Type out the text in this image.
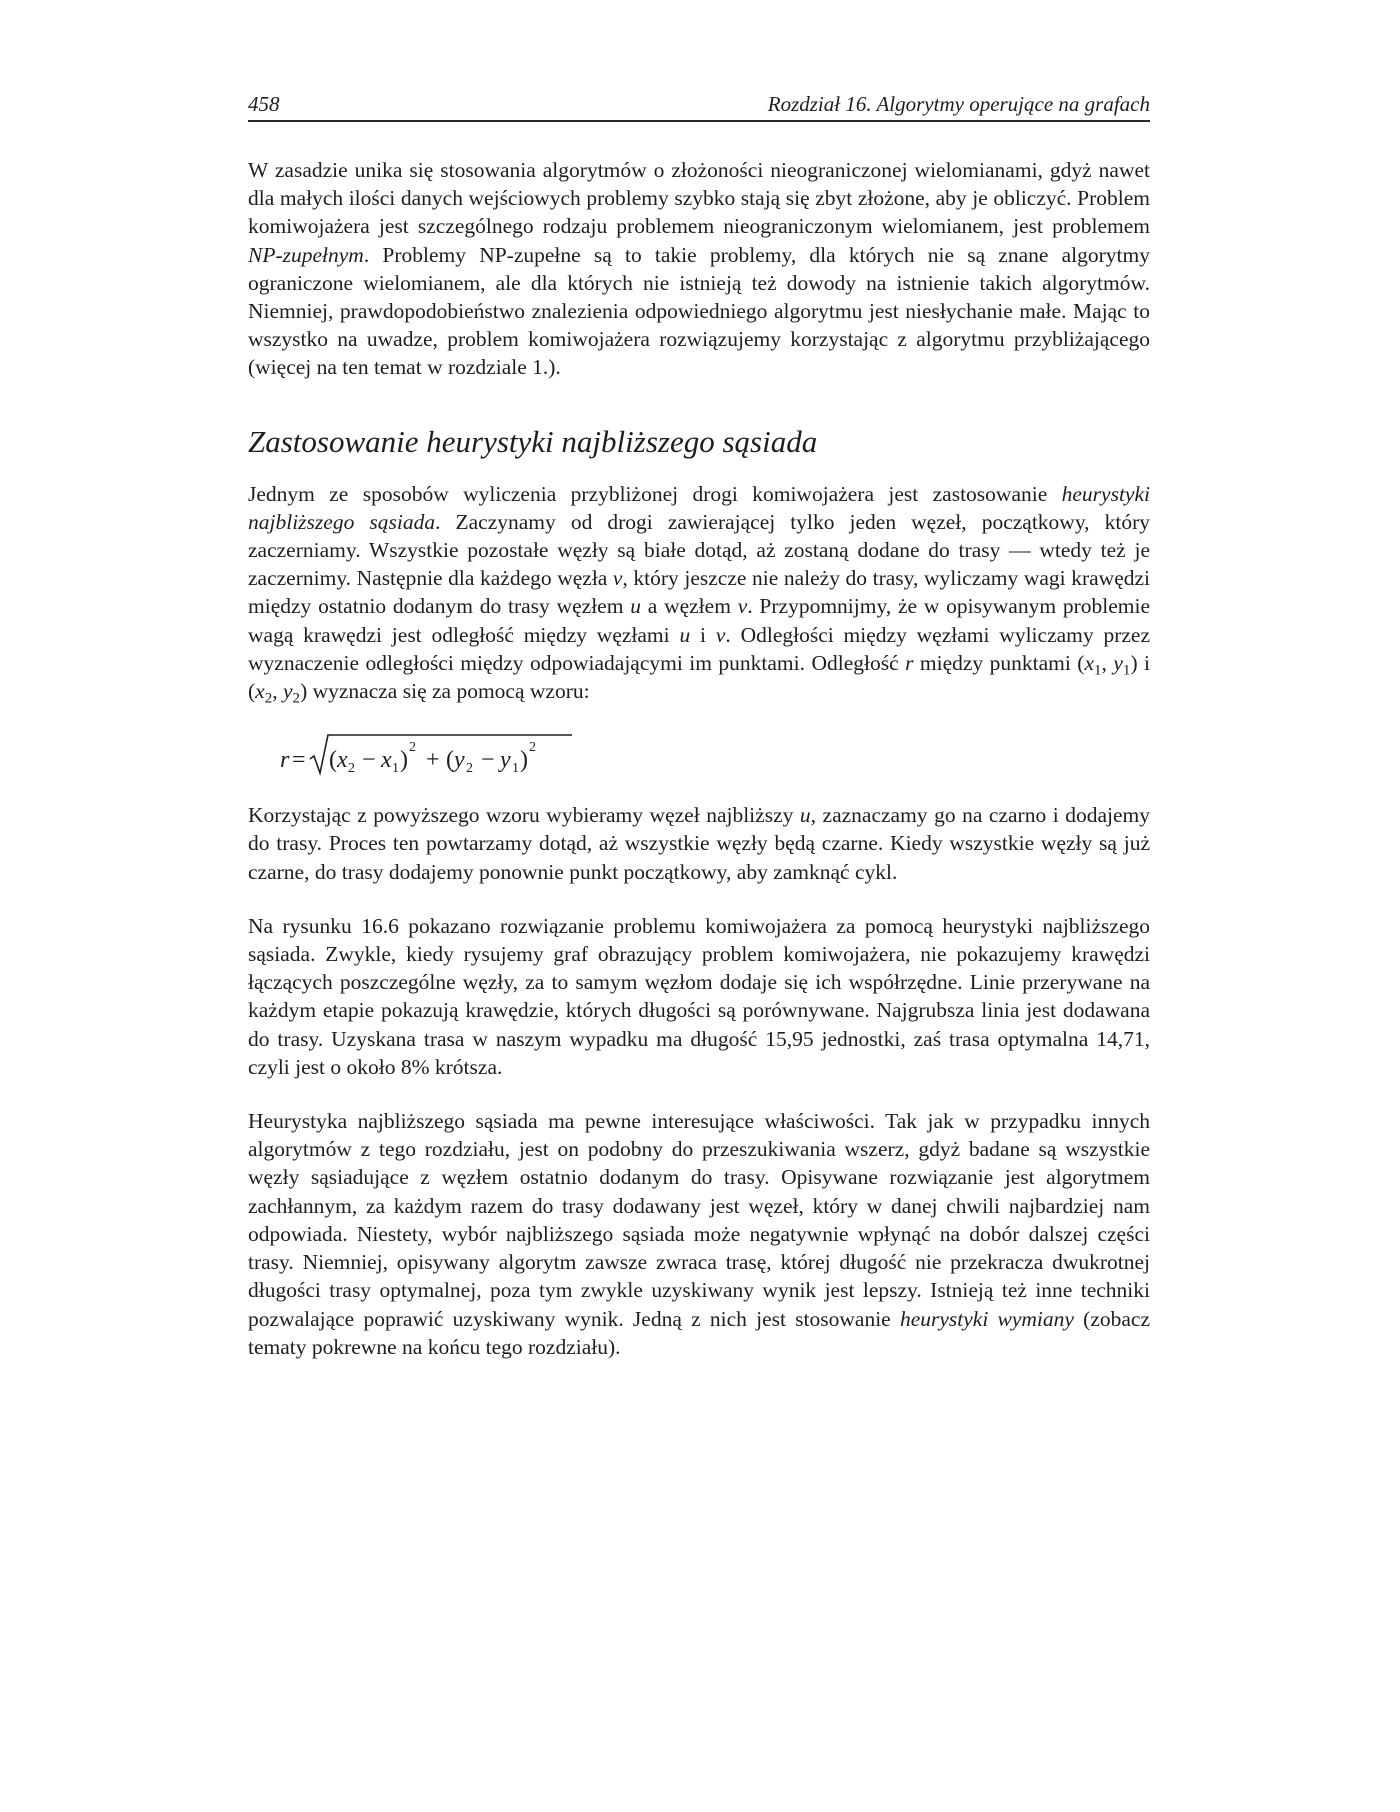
458	Rozdział 16. Algorytmy operujące na grafach

W zasadzie unika się stosowania algorytmów o złożoności nieograniczonej wielomianami, gdyż nawet dla małych ilości danych wejściowych problemy szybko stają się zbyt złożone, aby je obliczyć. Problem komiwojażera jest szczególnego rodzaju problemem nieograniczonym wielomianem, jest problemem NP-zupełnym. Problemy NP-zupełne są to takie problemy, dla których nie są znane algorytmy ograniczone wielomianem, ale dla których nie istnieją też dowody na istnienie takich algorytmów. Niemniej, prawdopodobieństwo znalezienia odpowiedniego algorytmu jest niesłychanie małe. Mając to wszystko na uwadze, problem komiwojażera rozwiązujemy korzystając z algorytmu przybliżającego (więcej na ten temat w rozdziale 1.).

Zastosowanie heurystyki najbliższego sąsiada

Jednym ze sposobów wyliczenia przybliżonej drogi komiwojażera jest zastosowanie heurystyki najbliższego sąsiada. Zaczynamy od drogi zawierającej tylko jeden węzeł, początkowy, który zaczerniamy. Wszystkie pozostałe węzły są białe dotąd, aż zostaną dodane do trasy — wtedy też je zaczernimy. Następnie dla każdego węzła v, który jeszcze nie należy do trasy, wyliczamy wagi krawędzi między ostatnio dodanym do trasy węzłem u a węzłem v. Przypomnijmy, że w opisywanym problemie wagą krawędzi jest odległość między węzłami u i v. Odległości między węzłami wyliczamy przez wyznaczenie odległości między odpowiadającymi im punktami. Odległość r między punktami ($x_1$, $y_1$) i ($x_2$, $y_2$) wyznacza się za pomocą wzoru:

r = ( x 2 − x 1 ) 2 + ( y 2 − y 1 ) 2

Korzystając z powyższego wzoru wybieramy węzeł najbliższy u, zaznaczamy go na czarno i dodajemy do trasy. Proces ten powtarzamy dotąd, aż wszystkie węzły będą czarne. Kiedy wszystkie węzły są już czarne, do trasy dodajemy ponownie punkt początkowy, aby zamknąć cykl.

Na rysunku 16.6 pokazano rozwiązanie problemu komiwojażera za pomocą heurystyki najbliższego sąsiada. Zwykle, kiedy rysujemy graf obrazujący problem komiwojażera, nie pokazujemy krawędzi łączących poszczególne węzły, za to samym węzłom dodaje się ich współrzędne. Linie przerywane na każdym etapie pokazują krawędzie, których długości są porównywane. Najgrubsza linia jest dodawana do trasy. Uzyskana trasa w naszym wypadku ma długość 15,95 jednostki, zaś trasa optymalna 14,71, czyli jest o około 8% krótsza.

Heurystyka najbliższego sąsiada ma pewne interesujące właściwości. Tak jak w przypadku innych algorytmów z tego rozdziału, jest on podobny do przeszukiwania wszerz, gdyż badane są wszystkie węzły sąsiadujące z węzłem ostatnio dodanym do trasy. Opisywane rozwiązanie jest algorytmem zachłannym, za każdym razem do trasy dodawany jest węzeł, który w danej chwili najbardziej nam odpowiada. Niestety, wybór najbliższego sąsiada może negatywnie wpłynąć na dobór dalszej części trasy. Niemniej, opisywany algorytm zawsze zwraca trasę, której długość nie przekracza dwukrotnej długości trasy optymalnej, poza tym zwykle uzyskiwany wynik jest lepszy. Istnieją też inne techniki pozwalające poprawić uzyskiwany wynik. Jedną z nich jest stosowanie heurystyki wymiany (zobacz tematy pokrewne na końcu tego rozdziału).
